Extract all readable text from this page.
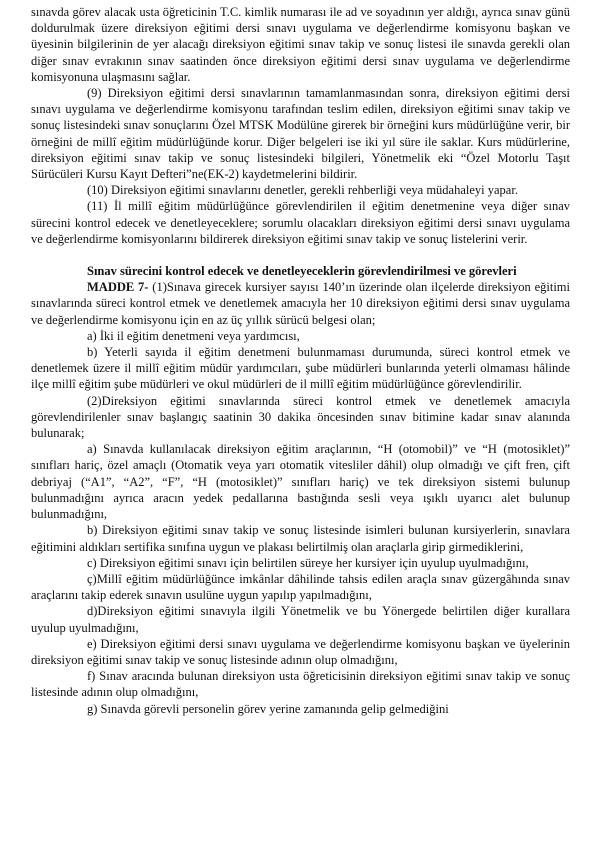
sınavda görev alacak usta öğreticinin T.C. kimlik numarası ile ad ve soyadının yer aldığı, ayrıca sınav günü doldurulmak üzere direksiyon eğitimi dersi sınavı uygulama ve değerlendirme komisyonu başkan ve üyesinin bilgilerinin de yer alacağı direksiyon eğitimi sınav takip ve sonuç listesi ile sınavda gerekli olan diğer sınav evrakının sınav saatinden önce direksiyon eğitimi dersi sınav uygulama ve değerlendirme komisyonuna ulaşmasını sağlar.

(9) Direksiyon eğitimi dersi sınavlarının tamamlanmasından sonra, direksiyon eğitimi dersi sınavı uygulama ve değerlendirme komisyonu tarafından teslim edilen, direksiyon eğitimi sınav takip ve sonuç listesindeki sınav sonuçlarını Özel MTSK Modülüne girerek bir örneğini kurs müdürlüğüne verir, bir örneğini de millî eğitim müdürlüğünde korur. Diğer belgeleri ise iki yıl süre ile saklar. Kurs müdürlerine, direksiyon eğitimi sınav takip ve sonuç listesindeki bilgileri, Yönetmelik eki “Özel Motorlu Taşıt Sürücüleri Kursu Kayıt Defteri”ne(EK-2) kaydetmelerini bildirir.

(10) Direksiyon eğitimi sınavlarını denetler, gerekli rehberliği veya müdahaleyi yapar.

(11) İl millî eğitim müdürlüğünce görevlendirilen il eğitim denetmenine veya diğer sınav sürecini kontrol edecek ve denetleyeceklere; sorumlu olacakları direksiyon eğitimi dersi sınavı uygulama ve değerlendirme komisyonlarını bildirerek direksiyon eğitimi sınav takip ve sonuç listelerini verir.

Sınav sürecini kontrol edecek ve denetleyeceklerin görevlendirilmesi ve görevleri

MADDE 7- (1)Sınava girecek kursiyer sayısı 140’ın üzerinde olan ilçelerde direksiyon eğitimi sınavlarında süreci kontrol etmek ve denetlemek amacıyla her 10 direksiyon eğitimi dersi sınav uygulama ve değerlendirme komisyonu için en az üç yıllık sürücü belgesi olan;

a) İki il eğitim denetmeni veya yardımcısı,

b) Yeterli sayıda il eğitim denetmeni bulunmaması durumunda, süreci kontrol etmek ve denetlemek üzere il millî eğitim müdür yardımcıları, şube müdürleri bunlarında yeterli olmaması hâlinde ilçe millî eğitim şube müdürleri ve okul müdürleri de il millî eğitim müdürlüğünce görevlendirilir.

(2)Direksiyon eğitimi sınavlarında süreci kontrol etmek ve denetlemek amacıyla görevlendirilenler sınav başlangıç saatinin 30 dakika öncesinden sınav bitimine kadar sınav alanında bulunarak;

a) Sınavda kullanılacak direksiyon eğitim araçlarının, “H (otomobil)” ve “H (motosiklet)” sınıfları hariç, özel amaçlı (Otomatik veya yarı otomatik vitesliler dâhil) olup olmadığı ve çift fren, çift debriyaj (“A1”, “A2”, “F”, “H (motosiklet)” sınıfları hariç) ve tek direksiyon sistemi bulunup bulunmadığını ayrıca aracın yedek pedallarına bastığında sesli veya ışıklı uyarıcı alet bulunup bulunmadığını,

b) Direksiyon eğitimi sınav takip ve sonuç listesinde isimleri bulunan kursiyerlerin, sınavlara eğitimini aldıkları sertifika sınıfına uygun ve plakası belirtilmiş olan araçlarla girip girmediklerini,

c) Direksiyon eğitimi sınavı için belirtilen süreye her kursiyer için uyulup uyulmadığını,

ç)Millî eğitim müdürlüğünce imkânlar dâhilinde tahsis edilen araçla sınav güzergâhında sınav araçlarını takip ederek sınavın usulüne uygun yapılıp yapılmadığını,

d)Direksiyon eğitimi sınavıyla ilgili Yönetmelik ve bu Yönergede belirtilen diğer kurallara uyulup uyulmadığını,

e) Direksiyon eğitimi dersi sınavı uygulama ve değerlendirme komisyonu başkan ve üyelerinin direksiyon eğitimi sınav takip ve sonuç listesinde adının olup olmadığını,

f) Sınav aracında bulunan direksiyon usta öğreticisinin direksiyon eğitimi sınav takip ve sonuç listesinde adının olup olmadığını,

g) Sınavda görevli personelin görev yerine zamanında gelip gelmediğini
